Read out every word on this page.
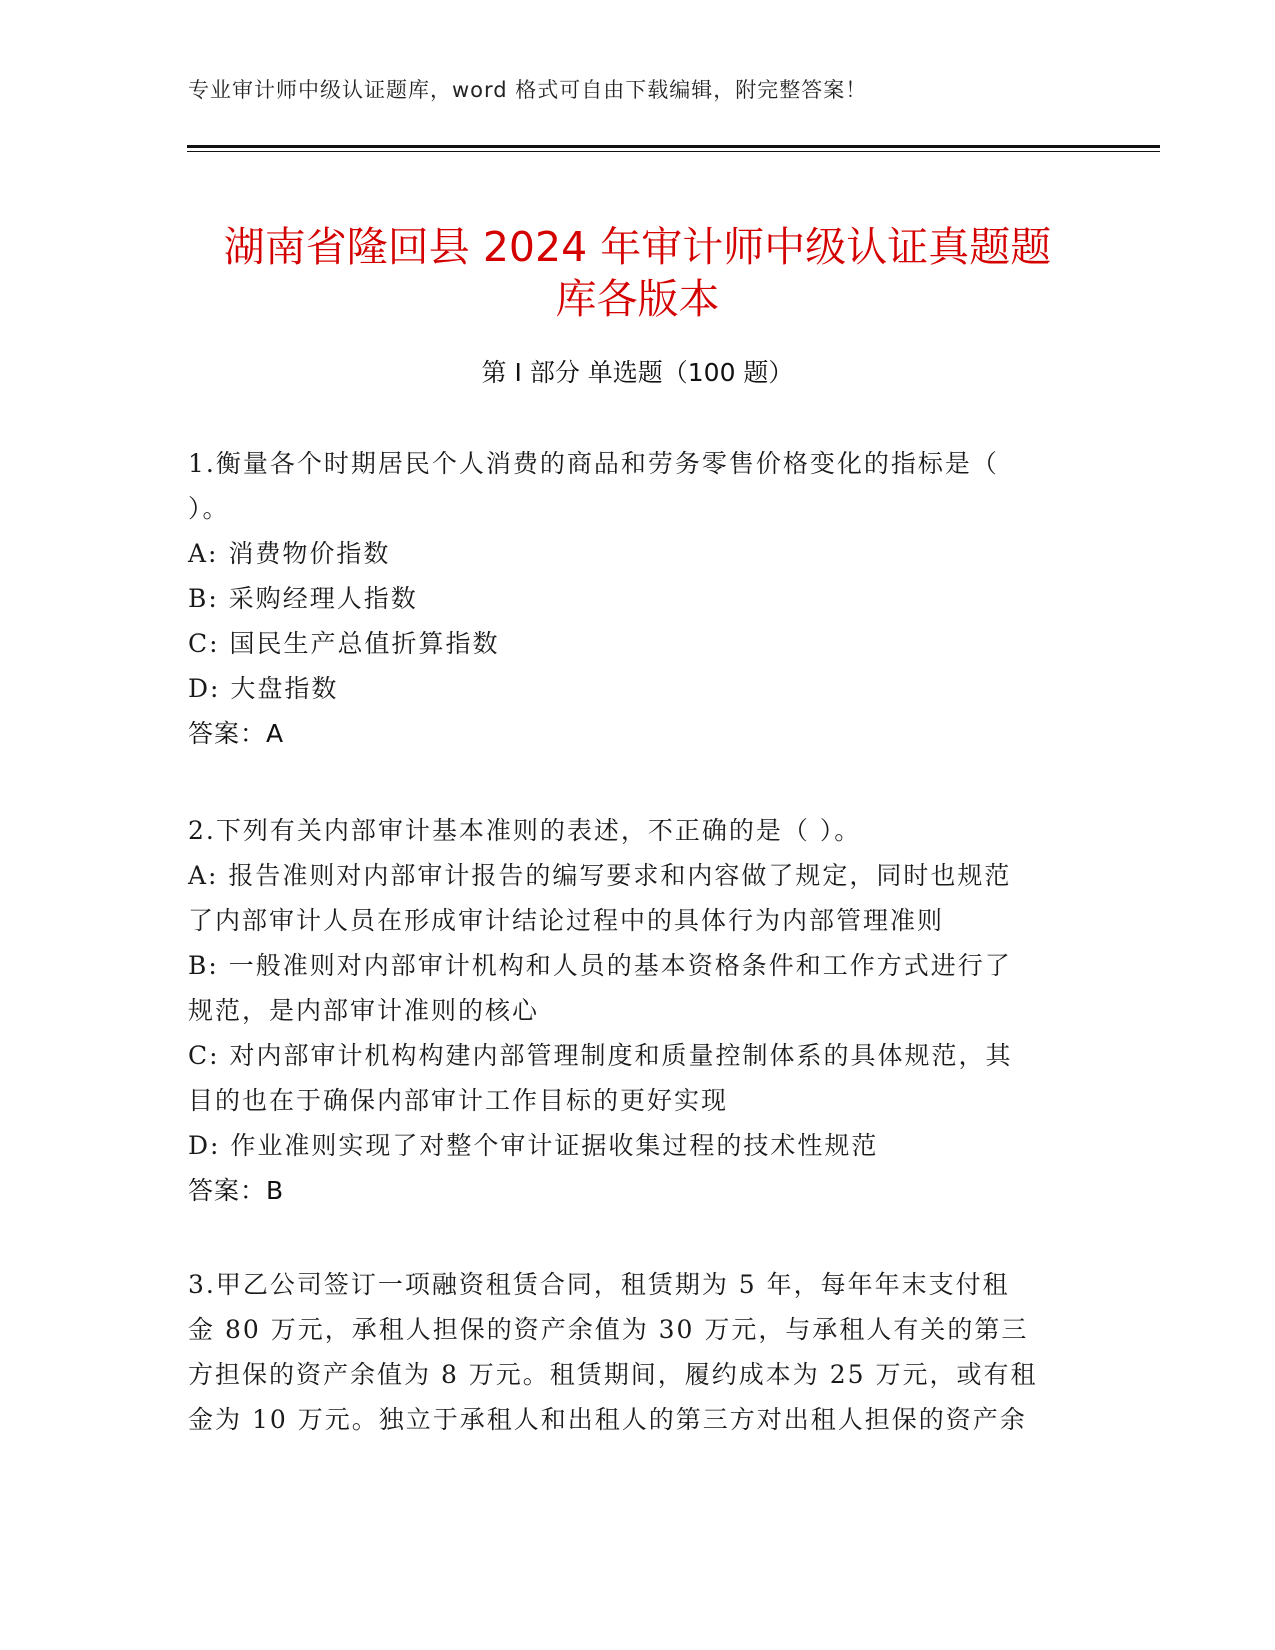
专业审计师中级认证题库，word 格式可自由下载编辑，附完整答案！
湖南省隆回县 2024 年审计师中级认证真题题
库各版本
第 I 部分 单选题（100 题）
1.衡量各个时期居民个人消费的商品和劳务零售价格变化的指标是（
）。
A: 消费物价指数
B: 采购经理人指数
C: 国民生产总值折算指数
D: 大盘指数
答案：A
2.下列有关内部审计基本准则的表述，不正确的是（ ）。
A: 报告准则对内部审计报告的编写要求和内容做了规定，同时也规范
了内部审计人员在形成审计结论过程中的具体行为内部管理准则
B: 一般准则对内部审计机构和人员的基本资格条件和工作方式进行了
规范，是内部审计准则的核心
C: 对内部审计机构构建内部管理制度和质量控制体系的具体规范，其
目的也在于确保内部审计工作目标的更好实现
D: 作业准则实现了对整个审计证据收集过程的技术性规范
答案：B
3.甲乙公司签订一项融资租赁合同，租赁期为 5 年，每年年末支付租
金 80 万元，承租人担保的资产余值为 30 万元，与承租人有关的第三
方担保的资产余值为 8 万元。租赁期间，履约成本为 25 万元，或有租
金为 10 万元。独立于承租人和出租人的第三方对出租人担保的资产余
